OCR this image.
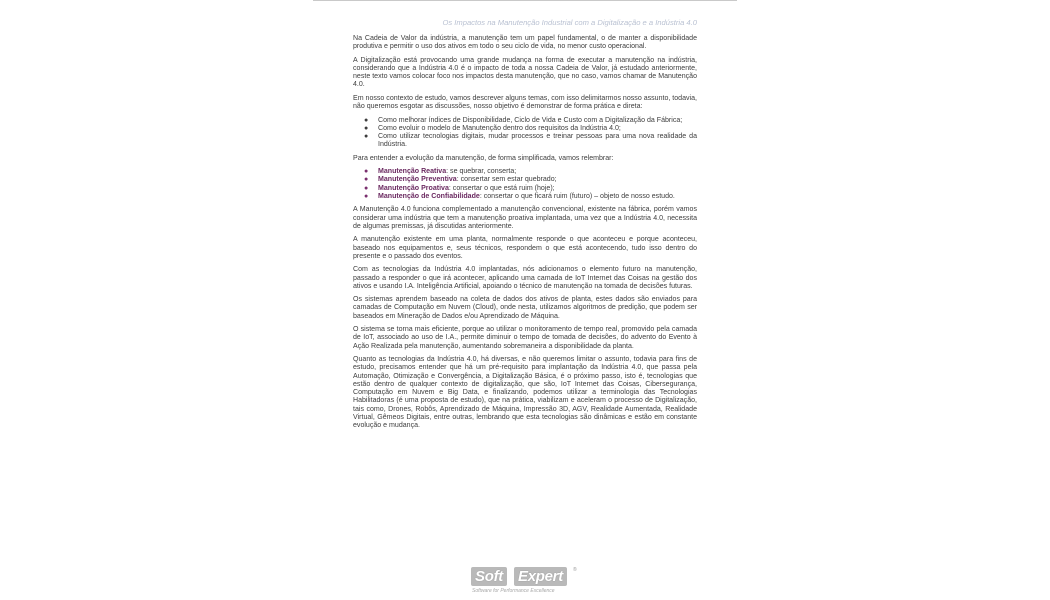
Os Impactos na Manutenção Industrial com a Digitalização e a Indústria 4.0

Na Cadeia de Valor da indústria, a manutenção tem um papel fundamental, o de manter a disponibilidade produtiva e permitir o uso dos ativos em todo o seu ciclo de vida, no menor custo operacional.

A Digitalização está provocando uma grande mudança na forma de executar a manutenção na indústria, considerando que a Indústria 4.0 é o impacto de toda a nossa Cadeia de Valor, já estudado anteriormente, neste texto vamos colocar foco nos impactos desta manutenção, que no caso, vamos chamar de Manutenção 4.0.

Em nosso contexto de estudo, vamos descrever alguns temas, com isso delimitarmos nosso assunto, todavia, não queremos esgotar as discussões, nosso objetivo é demonstrar de forma prática e direta:

● Como melhorar índices de Disponibilidade, Ciclo de Vida e Custo com a Digitalização da Fábrica;
● Como evoluir o modelo de Manutenção dentro dos requisitos da Indústria 4.0;
● Como utilizar tecnologias digitais, mudar processos e treinar pessoas para uma nova realidade da Indústria.

Para entender a evolução da manutenção, de forma simplificada, vamos relembrar:

● Manutenção Reativa: se quebrar, conserta;
● Manutenção Preventiva: consertar sem estar quebrado;
● Manutenção Proativa: consertar o que está ruim (hoje);
● Manutenção de Confiabilidade: consertar o que ficará ruim (futuro) – objeto de nosso estudo.

A Manutenção 4.0 funciona complementado a manutenção convencional, existente na fábrica, porém vamos considerar uma indústria que tem a manutenção proativa implantada, uma vez que a Indústria 4.0, necessita de algumas premissas, já discutidas anteriormente.

A manutenção existente em uma planta, normalmente responde o que aconteceu e porque aconteceu, baseado nos equipamentos e, seus técnicos, respondem o que está acontecendo, tudo isso dentro do presente e o passado dos eventos.

Com as tecnologias da Indústria 4.0 implantadas, nós adicionamos o elemento futuro na manutenção, passado a responder o que irá acontecer, aplicando uma camada de IoT Internet das Coisas na gestão dos ativos e usando I.A. Inteligência Artificial, apoiando o técnico de manutenção na tomada de decisões futuras.

Os sistemas aprendem baseado na coleta de dados dos ativos de planta, estes dados são enviados para camadas de Computação em Nuvem (Cloud), onde nesta, utilizamos algoritmos de predição, que podem ser baseados em Mineração de Dados e/ou Aprendizado de Máquina.

O sistema se torna mais eficiente, porque ao utilizar o monitoramento de tempo real, promovido pela camada de IoT, associado ao uso de I.A., permite diminuir o tempo de tomada de decisões, do advento do Evento à Ação Realizada pela manutenção, aumentando sobremaneira a disponibilidade da planta.

Quanto as tecnologias da Indústria 4.0, há diversas, e não queremos limitar o assunto, todavia para fins de estudo, precisamos entender que há um pré-requisito para implantação da Indústria 4.0, que passa pela Automação, Otimização e Convergência, a Digitalização Básica, é o próximo passo, isto é, tecnologias que estão dentro de qualquer contexto de digitalização, que são, IoT Internet das Coisas, Cibersegurança, Computação em Nuvem e Big Data, e finalizando, podemos utilizar a terminologia das Tecnologias Habilitadoras (é uma proposta de estudo), que na prática, viabilizam e aceleram o processo de Digitalização, tais como, Drones, Robôs, Aprendizado de Máquina, Impressão 3D, AGV, Realidade Aumentada, Realidade Virtual, Gêmeos Digitais, entre outras, lembrando que esta tecnologias são dinâmicas e estão em constante evolução e mudança.

Soft Expert	®
Software for Performance Excellence
